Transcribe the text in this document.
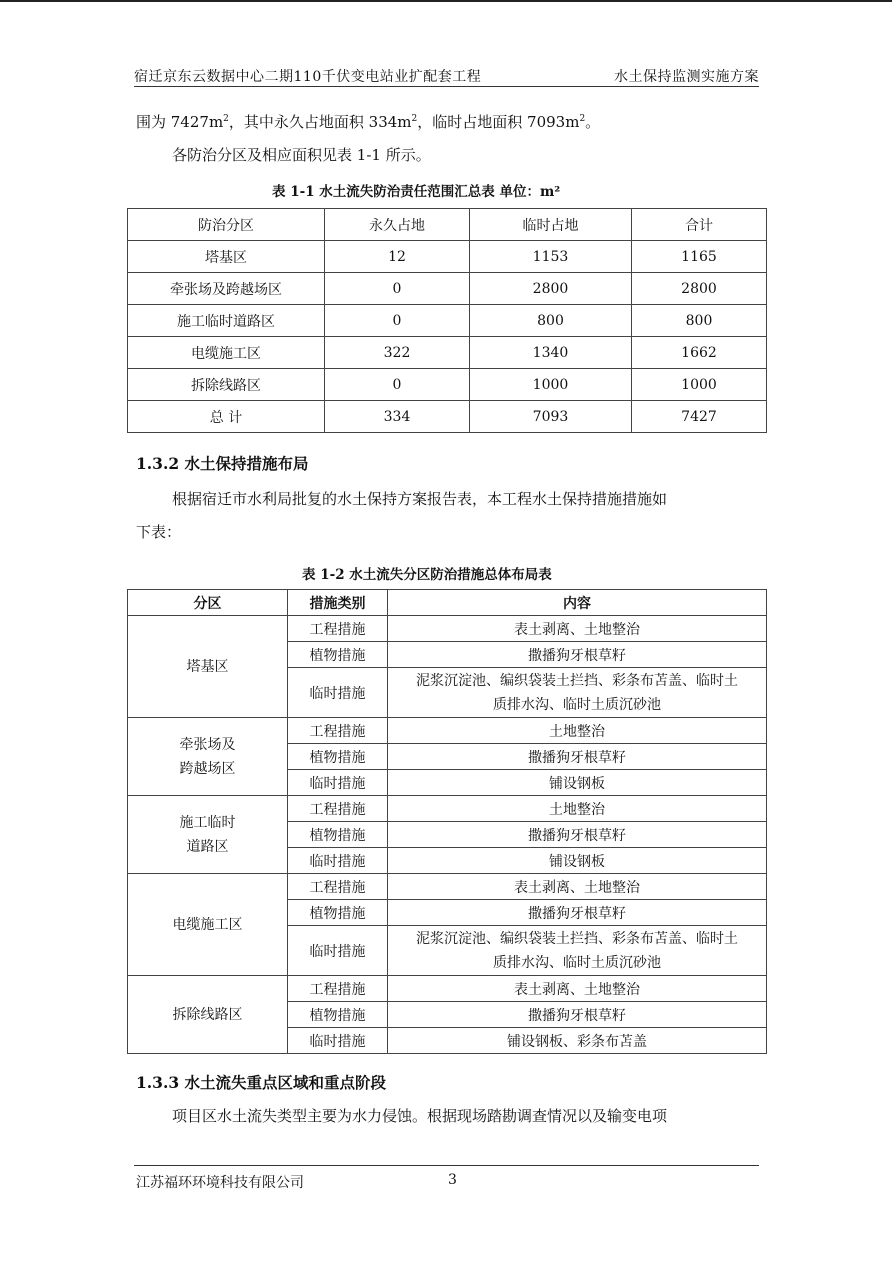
宿迁京东云数据中心二期110千伏变电站业扩配套工程	水土保持监测实施方案
围为 $7427m^2$，其中永久占地面积 $334m^2$，临时占地面积 $7093m^2$。
各防治分区及相应面积见表 1-1 所示。
表 1-1 水土流失防治责任范围汇总表 单位：m²
防治分区	永久占地	临时占地	合计
塔基区	12	1153	1165
牵张场及跨越场区	0	2800	2800
施工临时道路区	0	800	800
电缆施工区	322	1340	1662
拆除线路区	0	1000	1000
总 计	334	7093	7427
1.3.2 水土保持措施布局
根据宿迁市水利局批复的水土保持方案报告表，本工程水土保持措施措施如
下表：
表 1-2 水土流失分区防治措施总体布局表
分区	措施类别	内容

塔基区	工程措施	表土剥离、土地整治

	植物措施	撒播狗牙根草籽

	临时措施	泥浆沉淀池、编织袋装土拦挡、彩条布苫盖、临时土
质排水沟、临时土质沉砂池

牵张场及
跨越场区	工程措施	土地整治

	植物措施	撒播狗牙根草籽

	临时措施	铺设钢板

施工临时
道路区	工程措施	土地整治

	植物措施	撒播狗牙根草籽

	临时措施	铺设钢板

电缆施工区	工程措施	表土剥离、土地整治

	植物措施	撒播狗牙根草籽

	临时措施	泥浆沉淀池、编织袋装土拦挡、彩条布苫盖、临时土
质排水沟、临时土质沉砂池

拆除线路区	工程措施	表土剥离、土地整治

	植物措施	撒播狗牙根草籽

	临时措施	铺设钢板、彩条布苫盖
1.3.3 水土流失重点区域和重点阶段
项目区水土流失类型主要为水力侵蚀。根据现场踏勘调查情况以及输变电项
江苏福环环境科技有限公司	3
